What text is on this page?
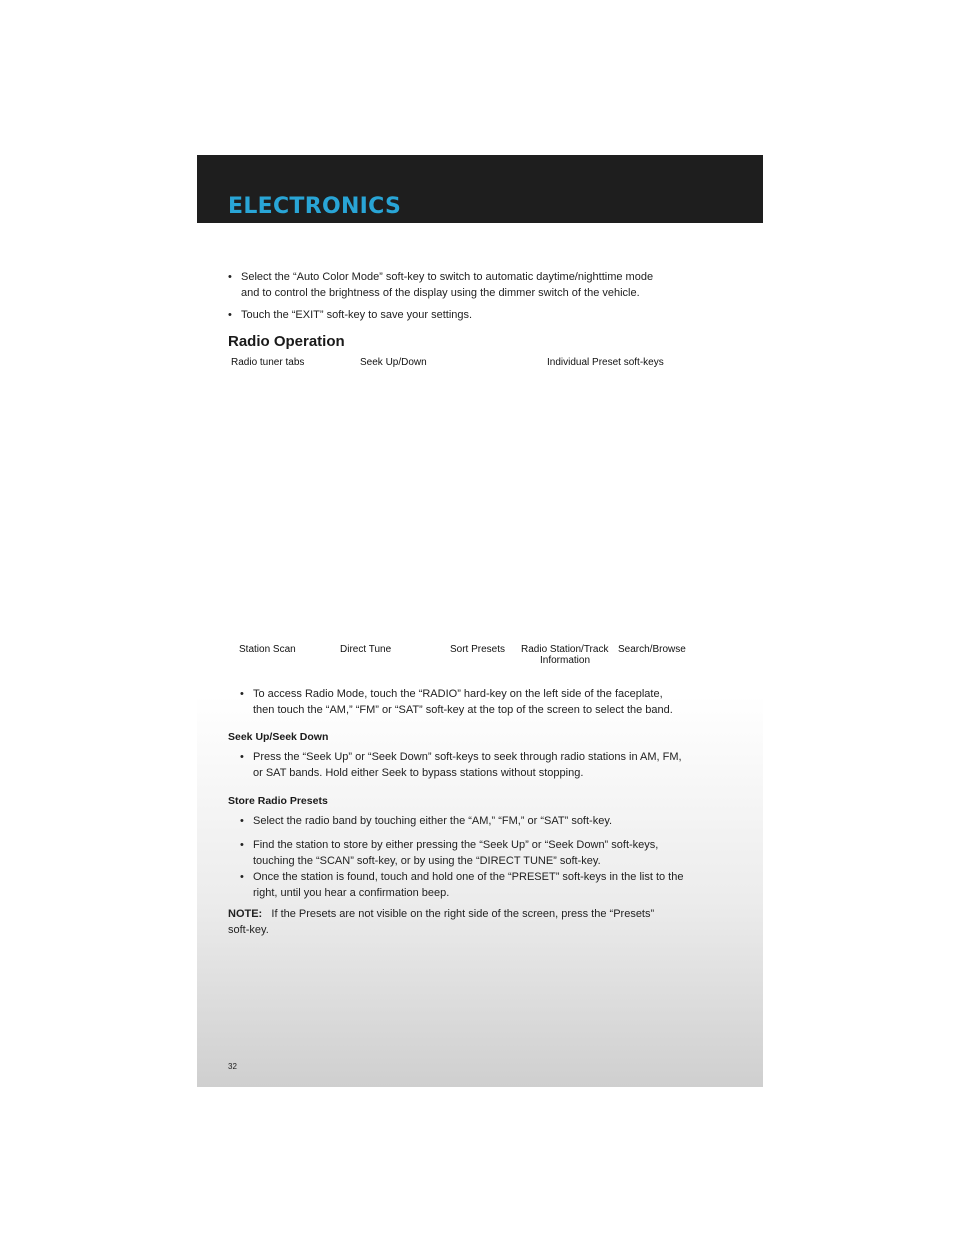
ELECTRONICS
• Select the “Auto Color Mode” soft-key to switch to automatic daytime/nighttime mode
and to control the brightness of the display using the dimmer switch of the vehicle.
• Touch the “EXIT” soft-key to save your settings.
Radio Operation
Radio tuner tabs	Seek Up/Down	Individual Preset soft-keys
Station Scan	Direct Tune	Sort Presets Radio Station/Track
Information
Search/Browse
• To access Radio Mode, touch the “RADIO” hard-key on the left side of the faceplate,
then touch the “AM,” “FM” or “SAT” soft-key at the top of the screen to select the band.
Seek Up/Seek Down
• Press the “Seek Up” or “Seek Down” soft-keys to seek through radio stations in AM, FM,
or SAT bands. Hold either Seek to bypass stations without stopping.
Store Radio Presets
• Select the radio band by touching either the “AM,” “FM,” or “SAT” soft-key.
• Find the station to store by either pressing the “Seek Up” or “Seek Down” soft-keys,
touching the “SCAN” soft-key, or by using the “DIRECT TUNE” soft-key.
• Once the station is found, touch and hold one of the “PRESET” soft-keys in the list to the
right, until you hear a confirmation beep.
NOTE: If the Presets are not visible on the right side of the screen, press the “Presets”
soft-key.
32
